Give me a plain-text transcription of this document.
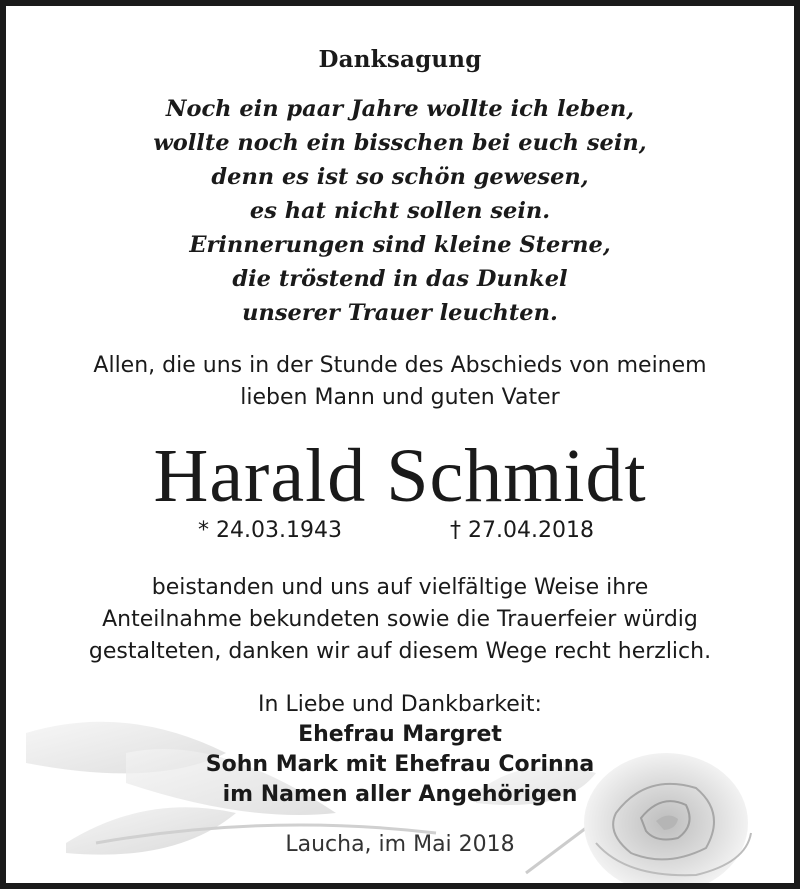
Danksagung
Noch ein paar Jahre wollte ich leben,
wollte noch ein bisschen bei euch sein,
denn es ist so schön gewesen,
es hat nicht sollen sein.
Erinnerungen sind kleine Sterne,
die tröstend in das Dunkel
unserer Trauer leuchten.
Allen, die uns in der Stunde des Abschieds von meinem
lieben Mann und guten Vater
Harald Schmidt
* 24.03.1943	† 27.04.2018
beistanden und uns auf vielfältige Weise ihre
Anteilnahme bekundeten sowie die Trauerfeier würdig
gestalteten, danken wir auf diesem Wege recht herzlich.
In Liebe und Dankbarkeit:
Ehefrau Margret
Sohn Mark mit Ehefrau Corinna
im Namen aller Angehörigen
Laucha, im Mai 2018
